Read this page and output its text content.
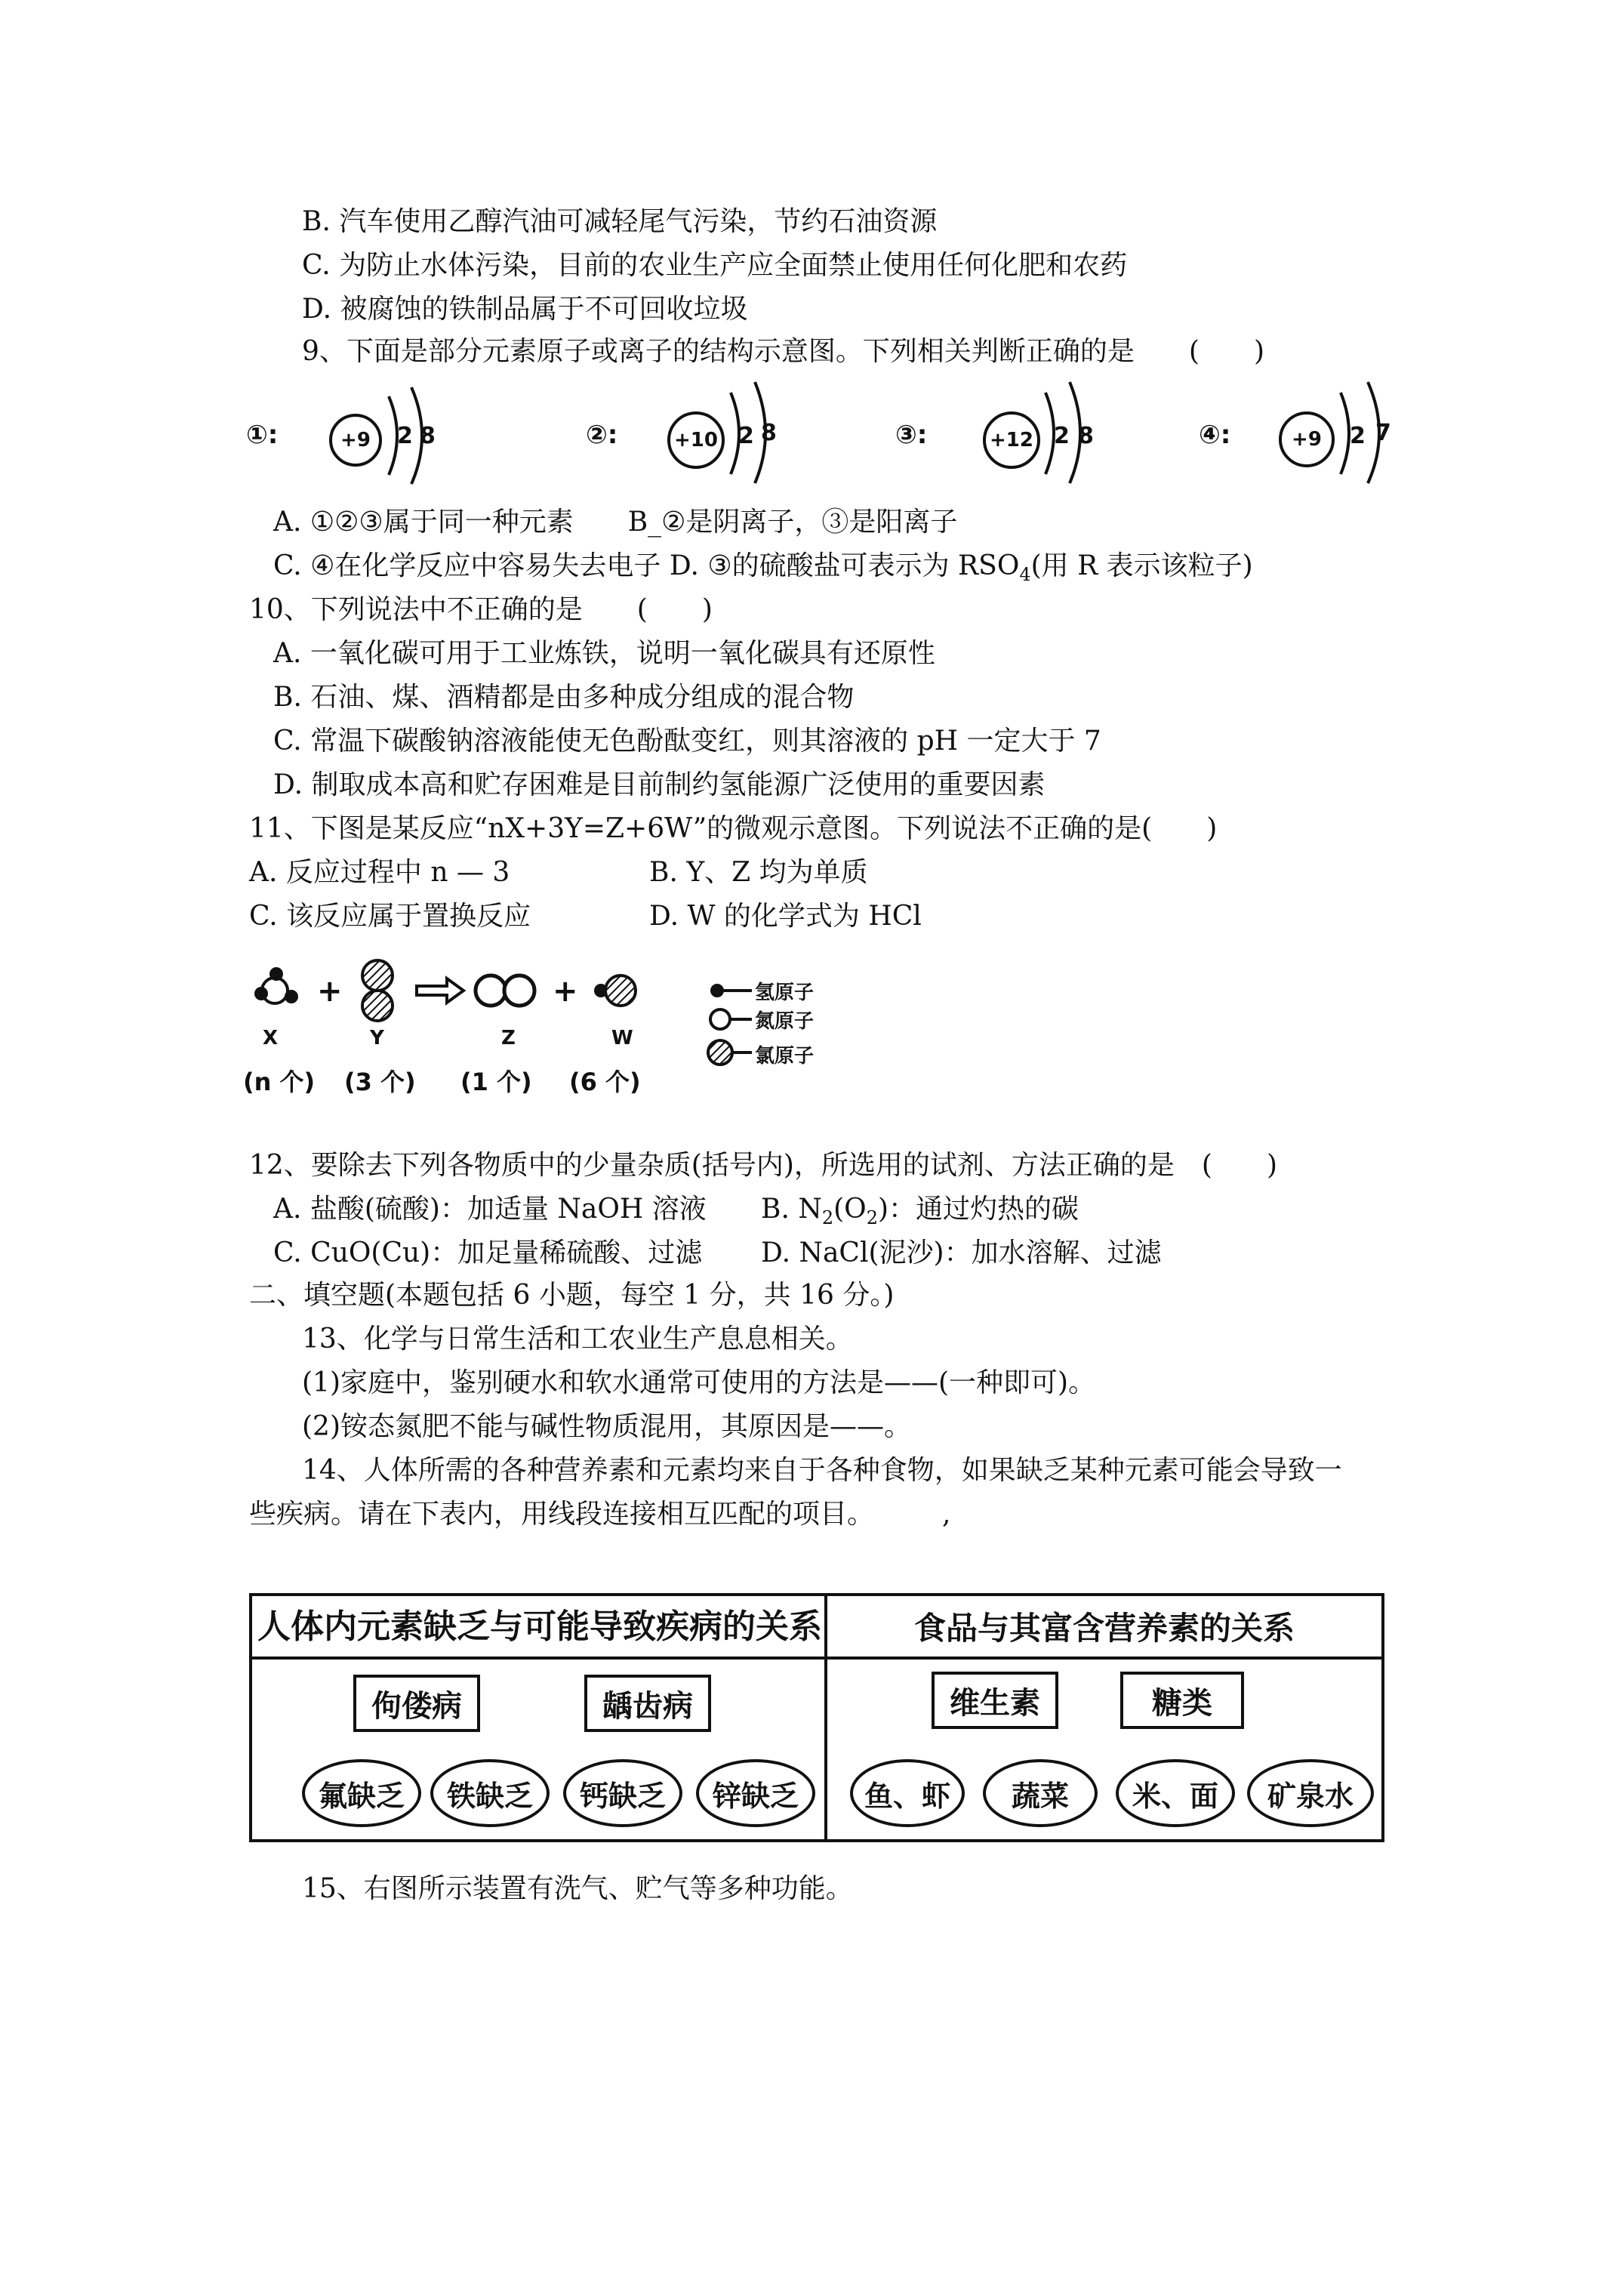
B. 汽车使用乙醇汽油可减轻尾气污染，节约石油资源
C. 为防止水体污染，目前的农业生产应全面禁止使用任何化肥和农药
D. 被腐蚀的铁制品属于不可回收垃圾
9、下面是部分元素原子或离子的结构示意图。下列相关判断正确的是　　(　　)
①:	+9	2 8	②:	+10 2 8	③:	+12 2 8	④:	+9	2 7
A. ①②③属于同一种元素　　B_②是阴离子，③是阳离子
C. ④在化学反应中容易失去电子 D. ③的硫酸盐可表示为 $RSO_4$(用 R 表示该粒子)
10、下列说法中不正确的是　　(　　)
A. 一氧化碳可用于工业炼铁，说明一氧化碳具有还原性
B. 石油、煤、酒精都是由多种成分组成的混合物
C. 常温下碳酸钠溶液能使无色酚酞变红，则其溶液的 pH 一定大于 7
D. 制取成本高和贮存困难是目前制约氢能源广泛使用的重要因素
11、下图是某反应“nX+3Y=Z+6W”的微观示意图。下列说法不正确的是(　　)
A. 反应过程中 n — 3	B. Y、Z 均为单质
C. 该反应属于置换反应	D. W 的化学式为 HCl
+	+
X	Y	Z	W
(n 个) (3 个) (1 个) (6 个)
氢原子
氮原子
氯原子
12、要除去下列各物质中的少量杂质(括号内)，所选用的试剂、方法正确的是　(　　)
A. 盐酸(硫酸)：加适量 NaOH 溶液 B. $N_2(O_2)$：通过灼热的碳
C. CuO(Cu)：加足量稀硫酸、过滤 D. NaCl(泥沙)：加水溶解、过滤
二、填空题(本题包括 6 小题，每空 1 分，共 16 分。)
13、化学与日常生活和工农业生产息息相关。
(1)家庭中，鉴别硬水和软水通常可使用的方法是——(一种即可)。
(2)铵态氮肥不能与碱性物质混用，其原因是——。
14、人体所需的各种营养素和元素均来自于各种食物，如果缺乏某种元素可能会导致一
些疾病。请在下表内，用线段连接相互匹配的项目。　　　,
人体内元素缺乏与可能导致疾病的关系	食品与其富含营养素的关系
佝偻病	龋齿病
氟缺乏	铁缺乏	钙缺乏	锌缺乏
维生素	糖类
鱼、虾	蔬菜	米、面	矿泉水
15、右图所示装置有洗气、贮气等多种功能。
